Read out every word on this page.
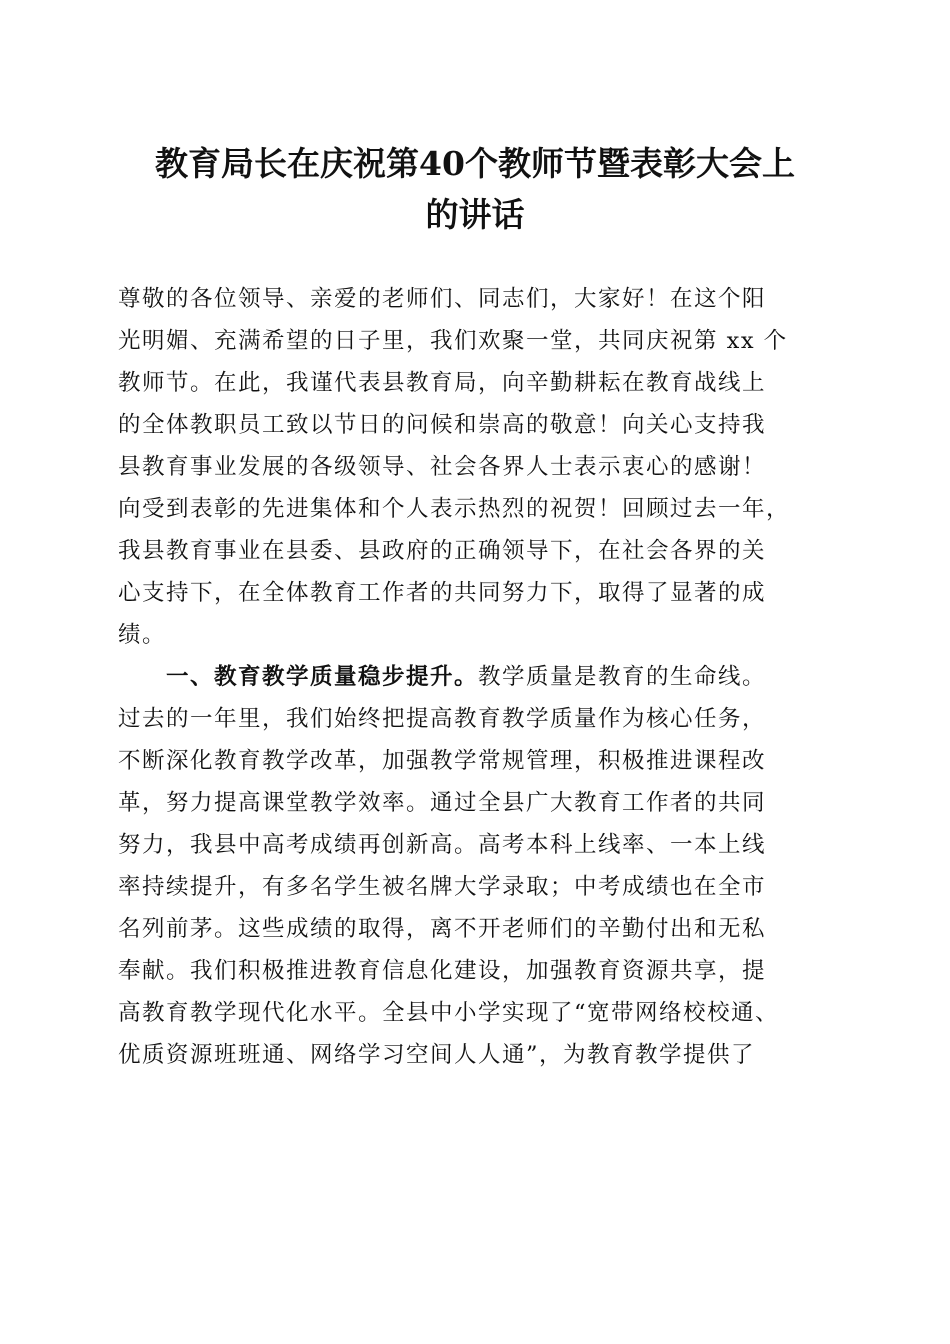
教育局长在庆祝第40个教师节暨表彰大会上
的讲话
尊敬的各位领导、亲爱的老师们、同志们，大家好！在这个阳
光明媚、充满希望的日子里，我们欢聚一堂，共同庆祝第 xx 个
教师节。在此，我谨代表县教育局，向辛勤耕耘在教育战线上
的全体教职员工致以节日的问候和崇高的敬意！向关心支持我
县教育事业发展的各级领导、社会各界人士表示衷心的感谢！
向受到表彰的先进集体和个人表示热烈的祝贺！回顾过去一年，
我县教育事业在县委、县政府的正确领导下，在社会各界的关
心支持下，在全体教育工作者的共同努力下，取得了显著的成
绩。
一、教育教学质量稳步提升。教学质量是教育的生命线。
过去的一年里，我们始终把提高教育教学质量作为核心任务，
不断深化教育教学改革，加强教学常规管理，积极推进课程改
革，努力提高课堂教学效率。通过全县广大教育工作者的共同
努力，我县中高考成绩再创新高。高考本科上线率、一本上线
率持续提升，有多名学生被名牌大学录取；中考成绩也在全市
名列前茅。这些成绩的取得，离不开老师们的辛勤付出和无私
奉献。我们积极推进教育信息化建设，加强教育资源共享，提
高教育教学现代化水平。全县中小学实现了“宽带网络校校通、
优质资源班班通、网络学习空间人人通”，为教育教学提供了
